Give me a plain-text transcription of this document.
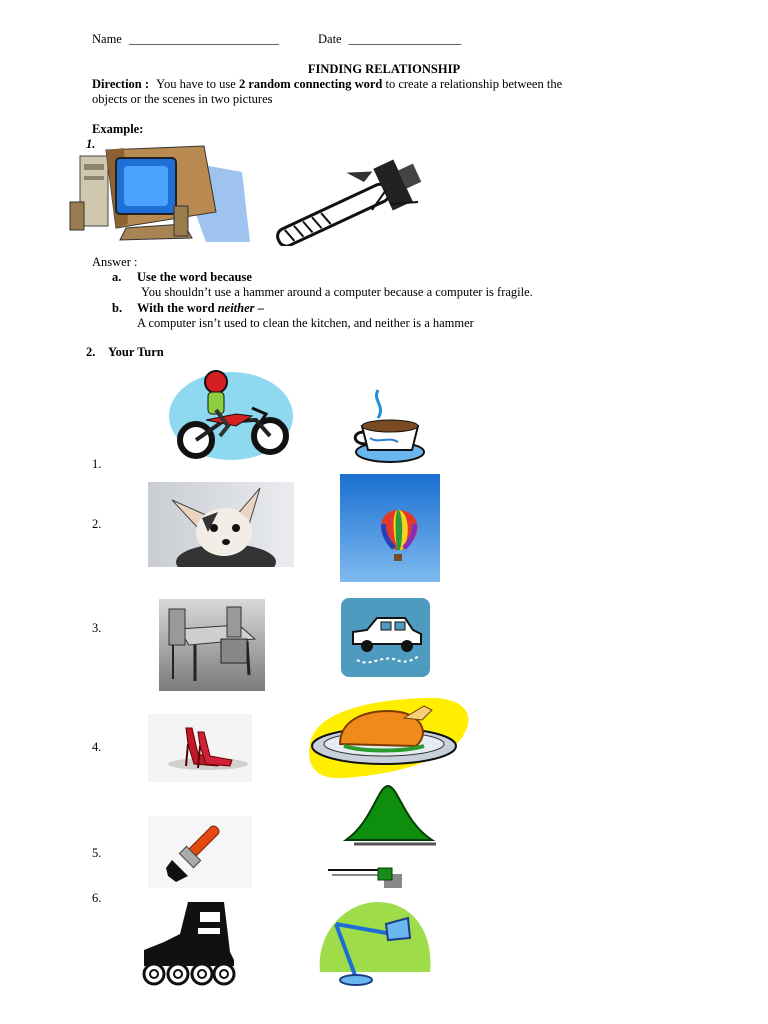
Name ________________________	Date __________________
FINDING RELATIONSHIP
Direction : You have to use 2 random connecting word to create a relationship between the
objects or the scenes in two pictures
Example:
1.
Answer :
a. Use the word because
You shouldn’t use a hammer around a computer because a computer is fragile.
b. With the word neither –
A computer isn’t used to clean the kitchen, and neither is a hammer
2. Your Turn
1.
2.
3.
4.
5.
6.
